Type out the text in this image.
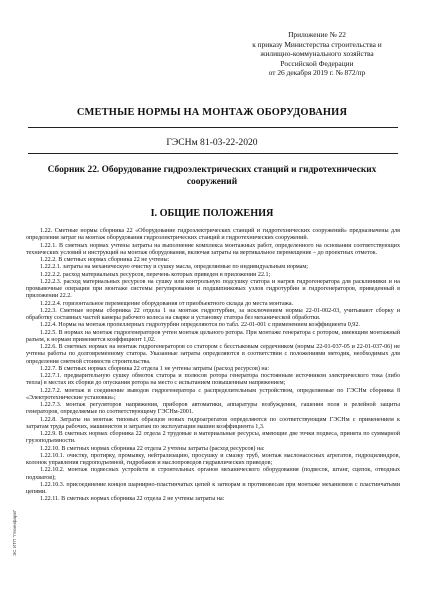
Приложение № 22
к приказу Министерства строительства и
жилищно-коммунального хозяйства
Российской Федерации
от 26 декабря 2019 г. № 872/пр
СМЕТНЫЕ НОРМЫ НА МОНТАЖ ОБОРУДОВАНИЯ
ГЭСНм 81-03-22-2020
Сборник 22. Оборудование гидроэлектрических станций и гидротехнических сооружений
I. ОБЩИЕ ПОЛОЖЕНИЯ

1.22. Сметные нормы сборника 22 «Оборудование гидроэлектрических станций и гидротехнических сооружений» предназначены для определения затрат на монтаж оборудования гидроэлектрических станций и гидротехнических сооружений.

1.22.1. В сметных нормах учтены затраты на выполнение комплекса монтажных работ, определенного на основании соответствующих технических условий и инструкций на монтаж оборудования, включая затраты на вертикальное перемещение – до проектных отметок.

1.22.2. В сметных нормах сборника 22 не учтены:

1.22.2.1. затраты на механическую очистку и сушку масла, определяемые по индивидуальным нормам;

1.22.2.2. расход материальных ресурсов, перечень которых приведен в приложении 22.1;

1.22.2.3. расход материальных ресурсов на сушку или контрольную подсушку статора и нагрев гидрогенератора для расклинивки и на промывочные операции при монтаже системы регулирования и подшипниковых узлов гидротурбин и гидрогенераторов, приведенный в приложении 22.2.

1.22.2.4. горизонтальное перемещение оборудования от приобъектного склада до места монтажа.

1.22.3. Сметные нормы сборника 22 отдела 1 на монтаж гидротурбин, за исключением нормы 22-01-002-03, учитывают сборку и обработку составных частей камеры рабочего колеса на сварке и установку статора без механической обработки.

1.22.4. Нормы на монтаж пропеллерных гидротурбин определяются по табл. 22-01-001 с применением коэффициента 0,92.

1.22.5. В нормах на монтаж гидрогенераторов учтен монтаж цельного ротора. При монтаже генератора с ротором, имеющим монтажный разъем, к нормам применяется коэффициент 1,02.

1.22.6. В сметных нормах на монтаж гидрогенераторов со статором с бесстыковым сердечником (нормы 22-01-037-05 и 22-01-037-06) не учтены работы по долговременному статора. Указанные затраты определяются в соответствии с положениями методик, необходимых для определения сметной стоимости строительства.

1.22.7. В сметных нормах сборника 22 отдела 1 не учтены затраты (расход ресурсов) на:

1.22.7.1. предварительную сушку обмоток статора и полюсов ротора генератора постоянным источником электрического тока (либо тепла) в местах их сборки до опускания ротора на место с испытанием повышенным напряжением;

1.22.7.2. монтаж и соединение выводов гидрогенератора с распределительным устройством, определяемые по ГЭСНм сборника 8 «Электротехнические установки»;

1.22.7.3. монтаж регуляторов напряжения, приборов автоматики, аппаратуры возбуждения, гашения поля и релейной защиты генераторов, определяемые по соответствующему ГЭСНм-2001.

1.22.8. Затраты на монтаж типовых образцов новых гидроагрегатов определяются по соответствующим ГЭСНм с применением к затратам труда рабочих, машинистов и затратам по эксплуатации машин коэффициента 1,3.

1.22.9. В сметных нормах сборника 22 отдела 2 трудовые и материальные ресурсы, имеющие две точки подвеса, принята по суммарной грузоподъемности.

1.22.10. В сметных нормах сборника 22 отдела 2 учтены затраты (расход ресурсов) на:

1.22.10.1. очистку, протирку, промывку, нейтрализацию, просушку и смазку труб, монтаж маслонасосных агрегатов, гидроцилиндров, колонок управления гидроподъемной, гидробаков и маслопроводов гидравлических приводов;

1.22.10.2. монтаж подвесных устройств и строительных органов механического оборудования (подвесок, штанг, сцепок, отводных подхватов);

1.22.10.3. присоединение концов шарнирно-пластинчатых цепей к затворам и противовесам при монтаже механизмов с пластинчатыми цепями.

1.22.11. В сметных нормах сборника 22 отдела 2 не учтены затраты на:

ЭС ИТП "Геоинфарм"
